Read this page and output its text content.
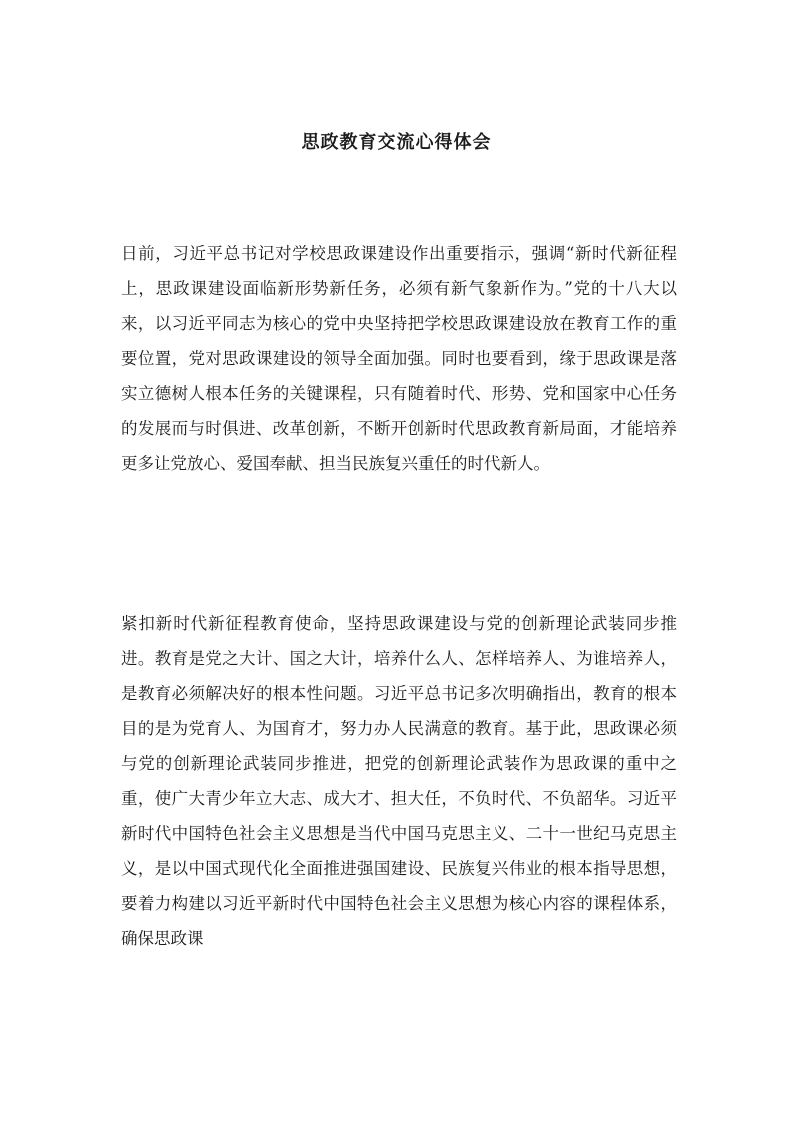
思政教育交流心得体会

日前，习近平总书记对学校思政课建设作出重要指示，强调“新时代新征程上，思政课建设面临新形势新任务，必须有新气象新作为。”党的十八大以来，以习近平同志为核心的党中央坚持把学校思政课建设放在教育工作的重要位置，党对思政课建设的领导全面加强。同时也要看到，缘于思政课是落实立德树人根本任务的关键课程，只有随着时代、形势、党和国家中心任务的发展而与时俱进、改革创新，不断开创新时代思政教育新局面，才能培养更多让党放心、爱国奉献、担当民族复兴重任的时代新人。

紧扣新时代新征程教育使命，坚持思政课建设与党的创新理论武装同步推进。教育是党之大计、国之大计，培养什么人、怎样培养人、为谁培养人，是教育必须解决好的根本性问题。习近平总书记多次明确指出，教育的根本目的是为党育人、为国育才，努力办人民满意的教育。基于此，思政课必须与党的创新理论武装同步推进，把党的创新理论武装作为思政课的重中之重，使广大青少年立大志、成大才、担大任，不负时代、不负韶华。习近平新时代中国特色社会主义思想是当代中国马克思主义、二十一世纪马克思主义，是以中国式现代化全面推进强国建设、民族复兴伟业的根本指导思想，要着力构建以习近平新时代中国特色社会主义思想为核心内容的课程体系，确保思政课
